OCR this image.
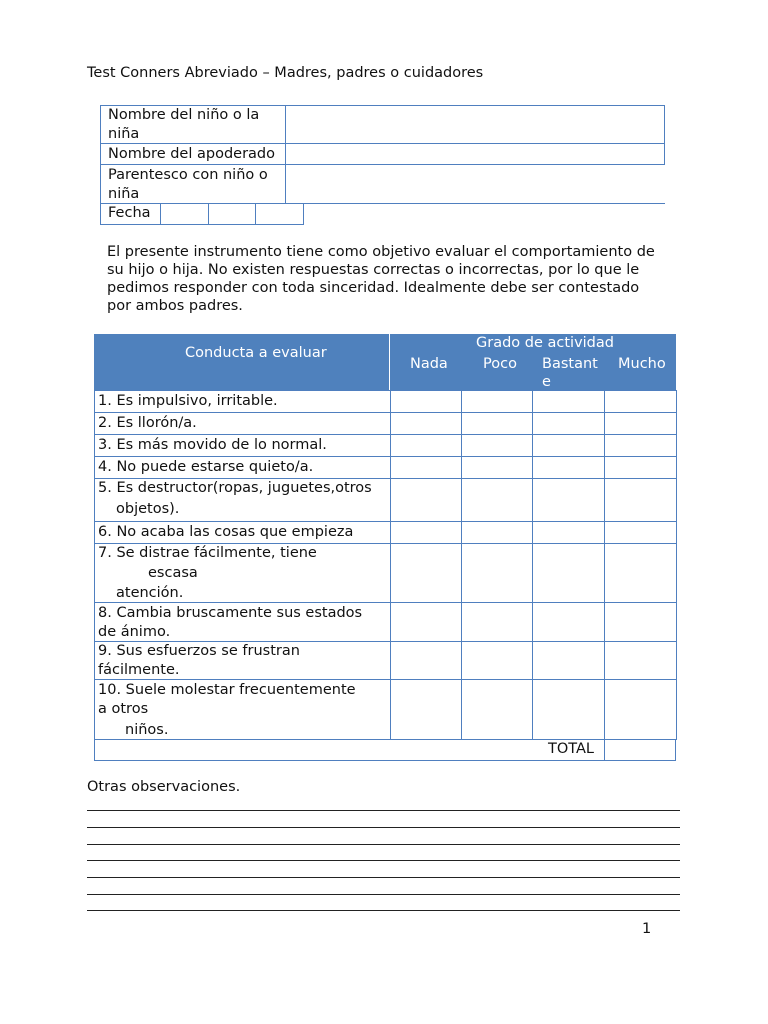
Test Conners Abreviado – Madres, padres o cuidadores
Nombre del niño o la
niña
Nombre del apoderado
Parentesco con niño o
niña
Fecha
El presente instrumento tiene como objetivo evaluar el comportamiento de su hijo o hija. No existen respuestas correctas o incorrectas, por lo que le pedimos responder con toda sinceridad. Idealmente debe ser contestado por ambos padres.
Conducta a evaluar
Grado de actividad
Nada Poco Bastant
e
Mucho
1. Es impulsivo, irritable.
2. Es llorón/a.
3. Es más movido de lo normal.
4. No puede estarse quieto/a.
5. Es destructor(ropas, juguetes,otros
objetos).
6. No acaba las cosas que empieza
7. Se distrae fácilmente, tiene
escasa
atención.
8. Cambia bruscamente sus estados
de ánimo.
9. Sus esfuerzos se frustran
fácilmente.
10. Suele molestar frecuentemente
a otros
niños.
TOTAL
Otras observaciones.
1
